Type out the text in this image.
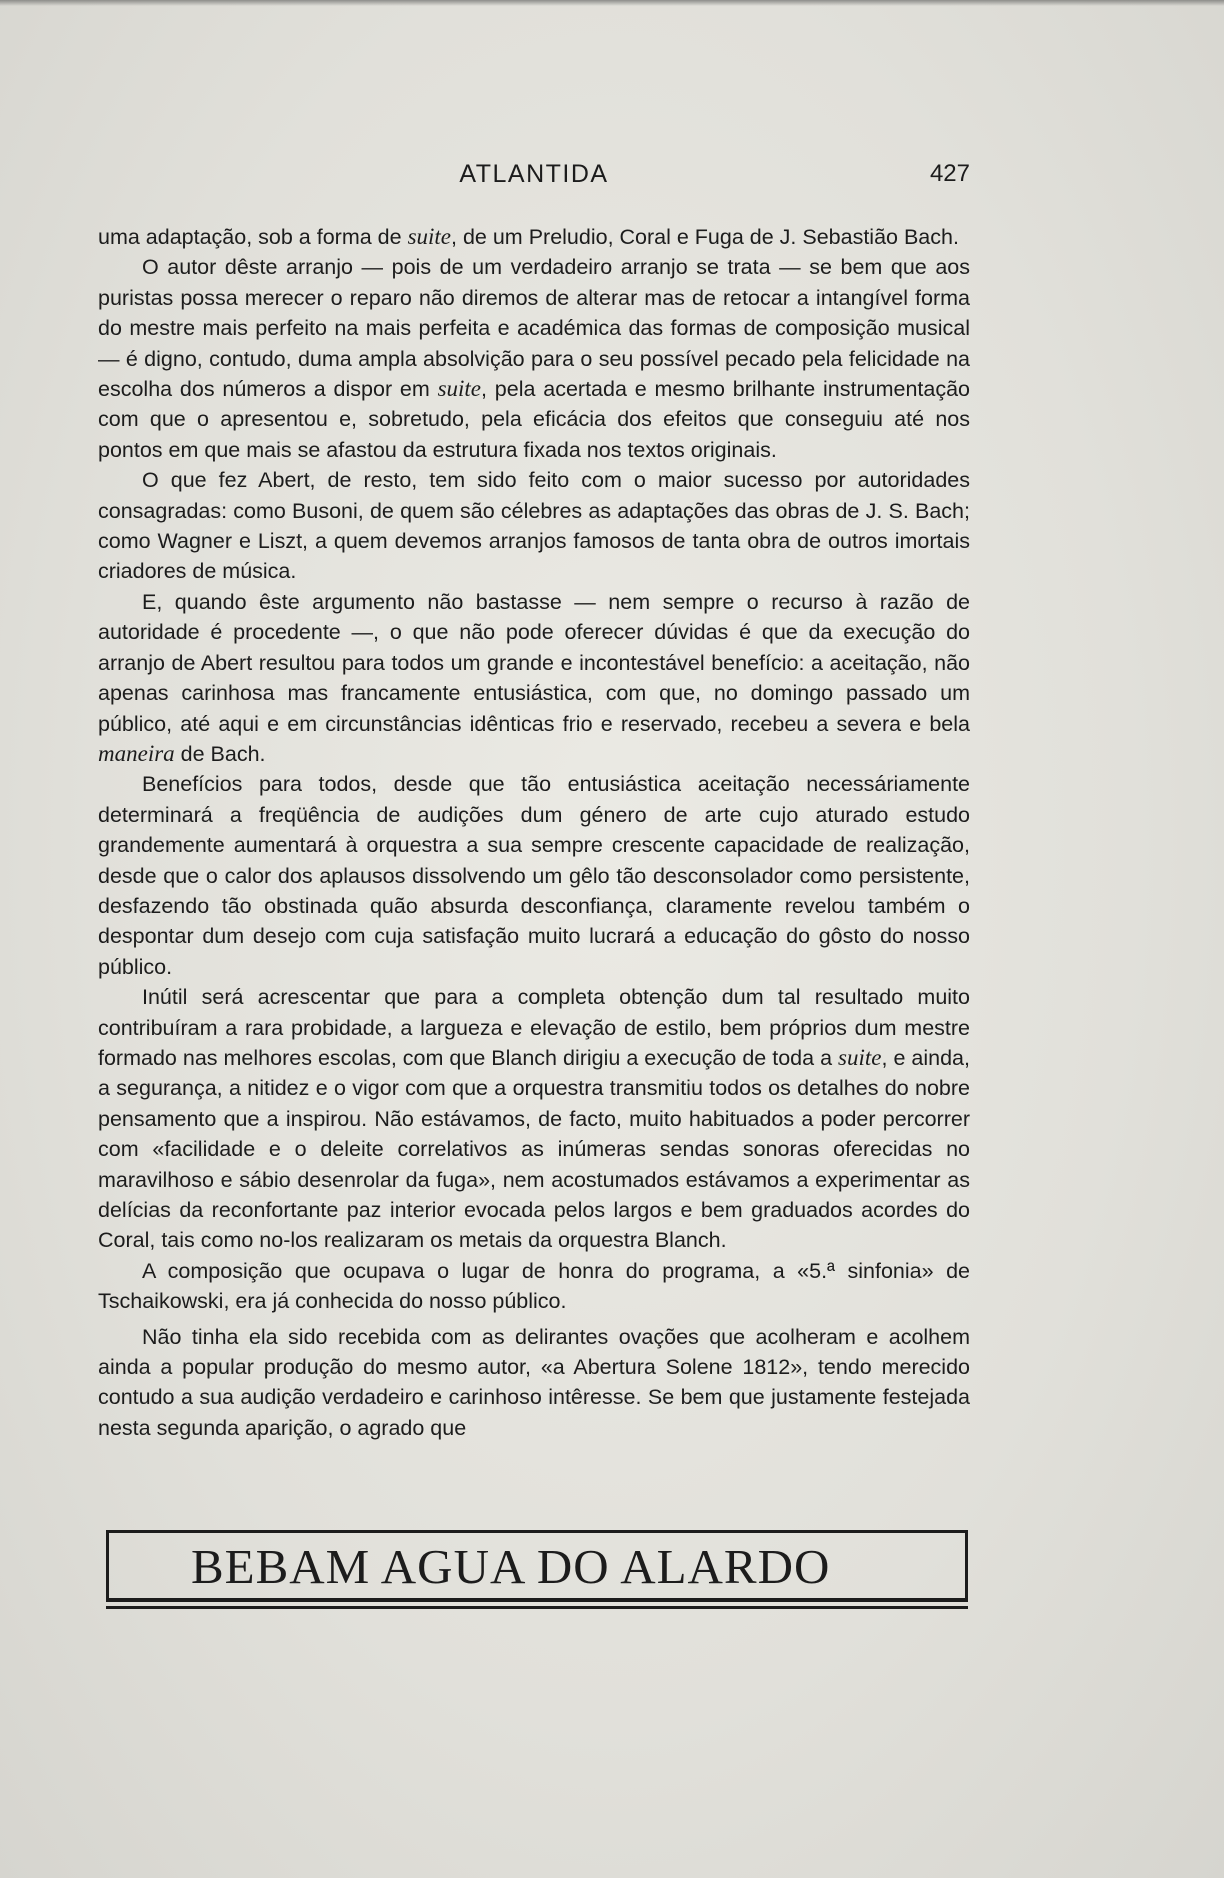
ATLANTIDA	427

uma adaptação, sob a forma de suite, de um Preludio, Coral e Fuga de J. Sebastião Bach.

O autor dêste arranjo — pois de um verdadeiro arranjo se trata — se bem que aos puristas possa merecer o reparo não diremos de alterar mas de retocar a intangível forma do mestre mais perfeito na mais perfeita e académica das formas de composição musical — é digno, contudo, duma ampla absolvição para o seu possível pecado pela felicidade na escolha dos números a dispor em suite, pela acertada e mesmo brilhante instrumentação com que o apresentou e, sobretudo, pela eficácia dos efeitos que conseguiu até nos pontos em que mais se afastou da estrutura fixada nos textos originais.

O que fez Abert, de resto, tem sido feito com o maior sucesso por autoridades consagradas: como Busoni, de quem são célebres as adaptações das obras de J. S. Bach; como Wagner e Liszt, a quem devemos arranjos famosos de tanta obra de outros imortais criadores de música.

E, quando êste argumento não bastasse — nem sempre o recurso à razão de autoridade é procedente —, o que não pode oferecer dúvidas é que da execução do arranjo de Abert resultou para todos um grande e incontestável benefício: a aceitação, não apenas carinhosa mas francamente entusiástica, com que, no domingo passado um público, até aqui e em circunstâncias idênticas frio e reservado, recebeu a severa e bela maneira de Bach.

Benefícios para todos, desde que tão entusiástica aceitação necessáriamente determinará a freqüência de audições dum género de arte cujo aturado estudo grandemente aumentará à orquestra a sua sempre crescente capacidade de realização, desde que o calor dos aplausos dissolvendo um gêlo tão desconsolador como persistente, desfazendo tão obstinada quão absurda desconfiança, claramente revelou também o despontar dum desejo com cuja satisfação muito lucrará a educação do gôsto do nosso público.

Inútil será acrescentar que para a completa obtenção dum tal resultado muito contribuíram a rara probidade, a largueza e elevação de estilo, bem próprios dum mestre formado nas melhores escolas, com que Blanch dirigiu a execução de toda a suite, e ainda, a segurança, a nitidez e o vigor com que a orquestra transmitiu todos os detalhes do nobre pensamento que a inspirou. Não estávamos, de facto, muito habituados a poder percorrer com «facilidade e o deleite correlativos as inúmeras sendas sonoras oferecidas no maravilhoso e sábio desenrolar da fuga», nem acostumados estávamos a experimentar as delícias da reconfortante paz interior evocada pelos largos e bem graduados acordes do Coral, tais como no-los realizaram os metais da orquestra Blanch.

A composição que ocupava o lugar de honra do programa, a «5.ª sinfonia» de Tschaikowski, era já conhecida do nosso público.

Não tinha ela sido recebida com as delirantes ovações que acolheram e acolhem ainda a popular produção do mesmo autor, «a Abertura Solene 1812», tendo merecido contudo a sua audição verdadeiro e carinhoso intêresse. Se bem que justamente festejada nesta segunda aparição, o agrado que

BEBAM AGUA DO ALARDO
